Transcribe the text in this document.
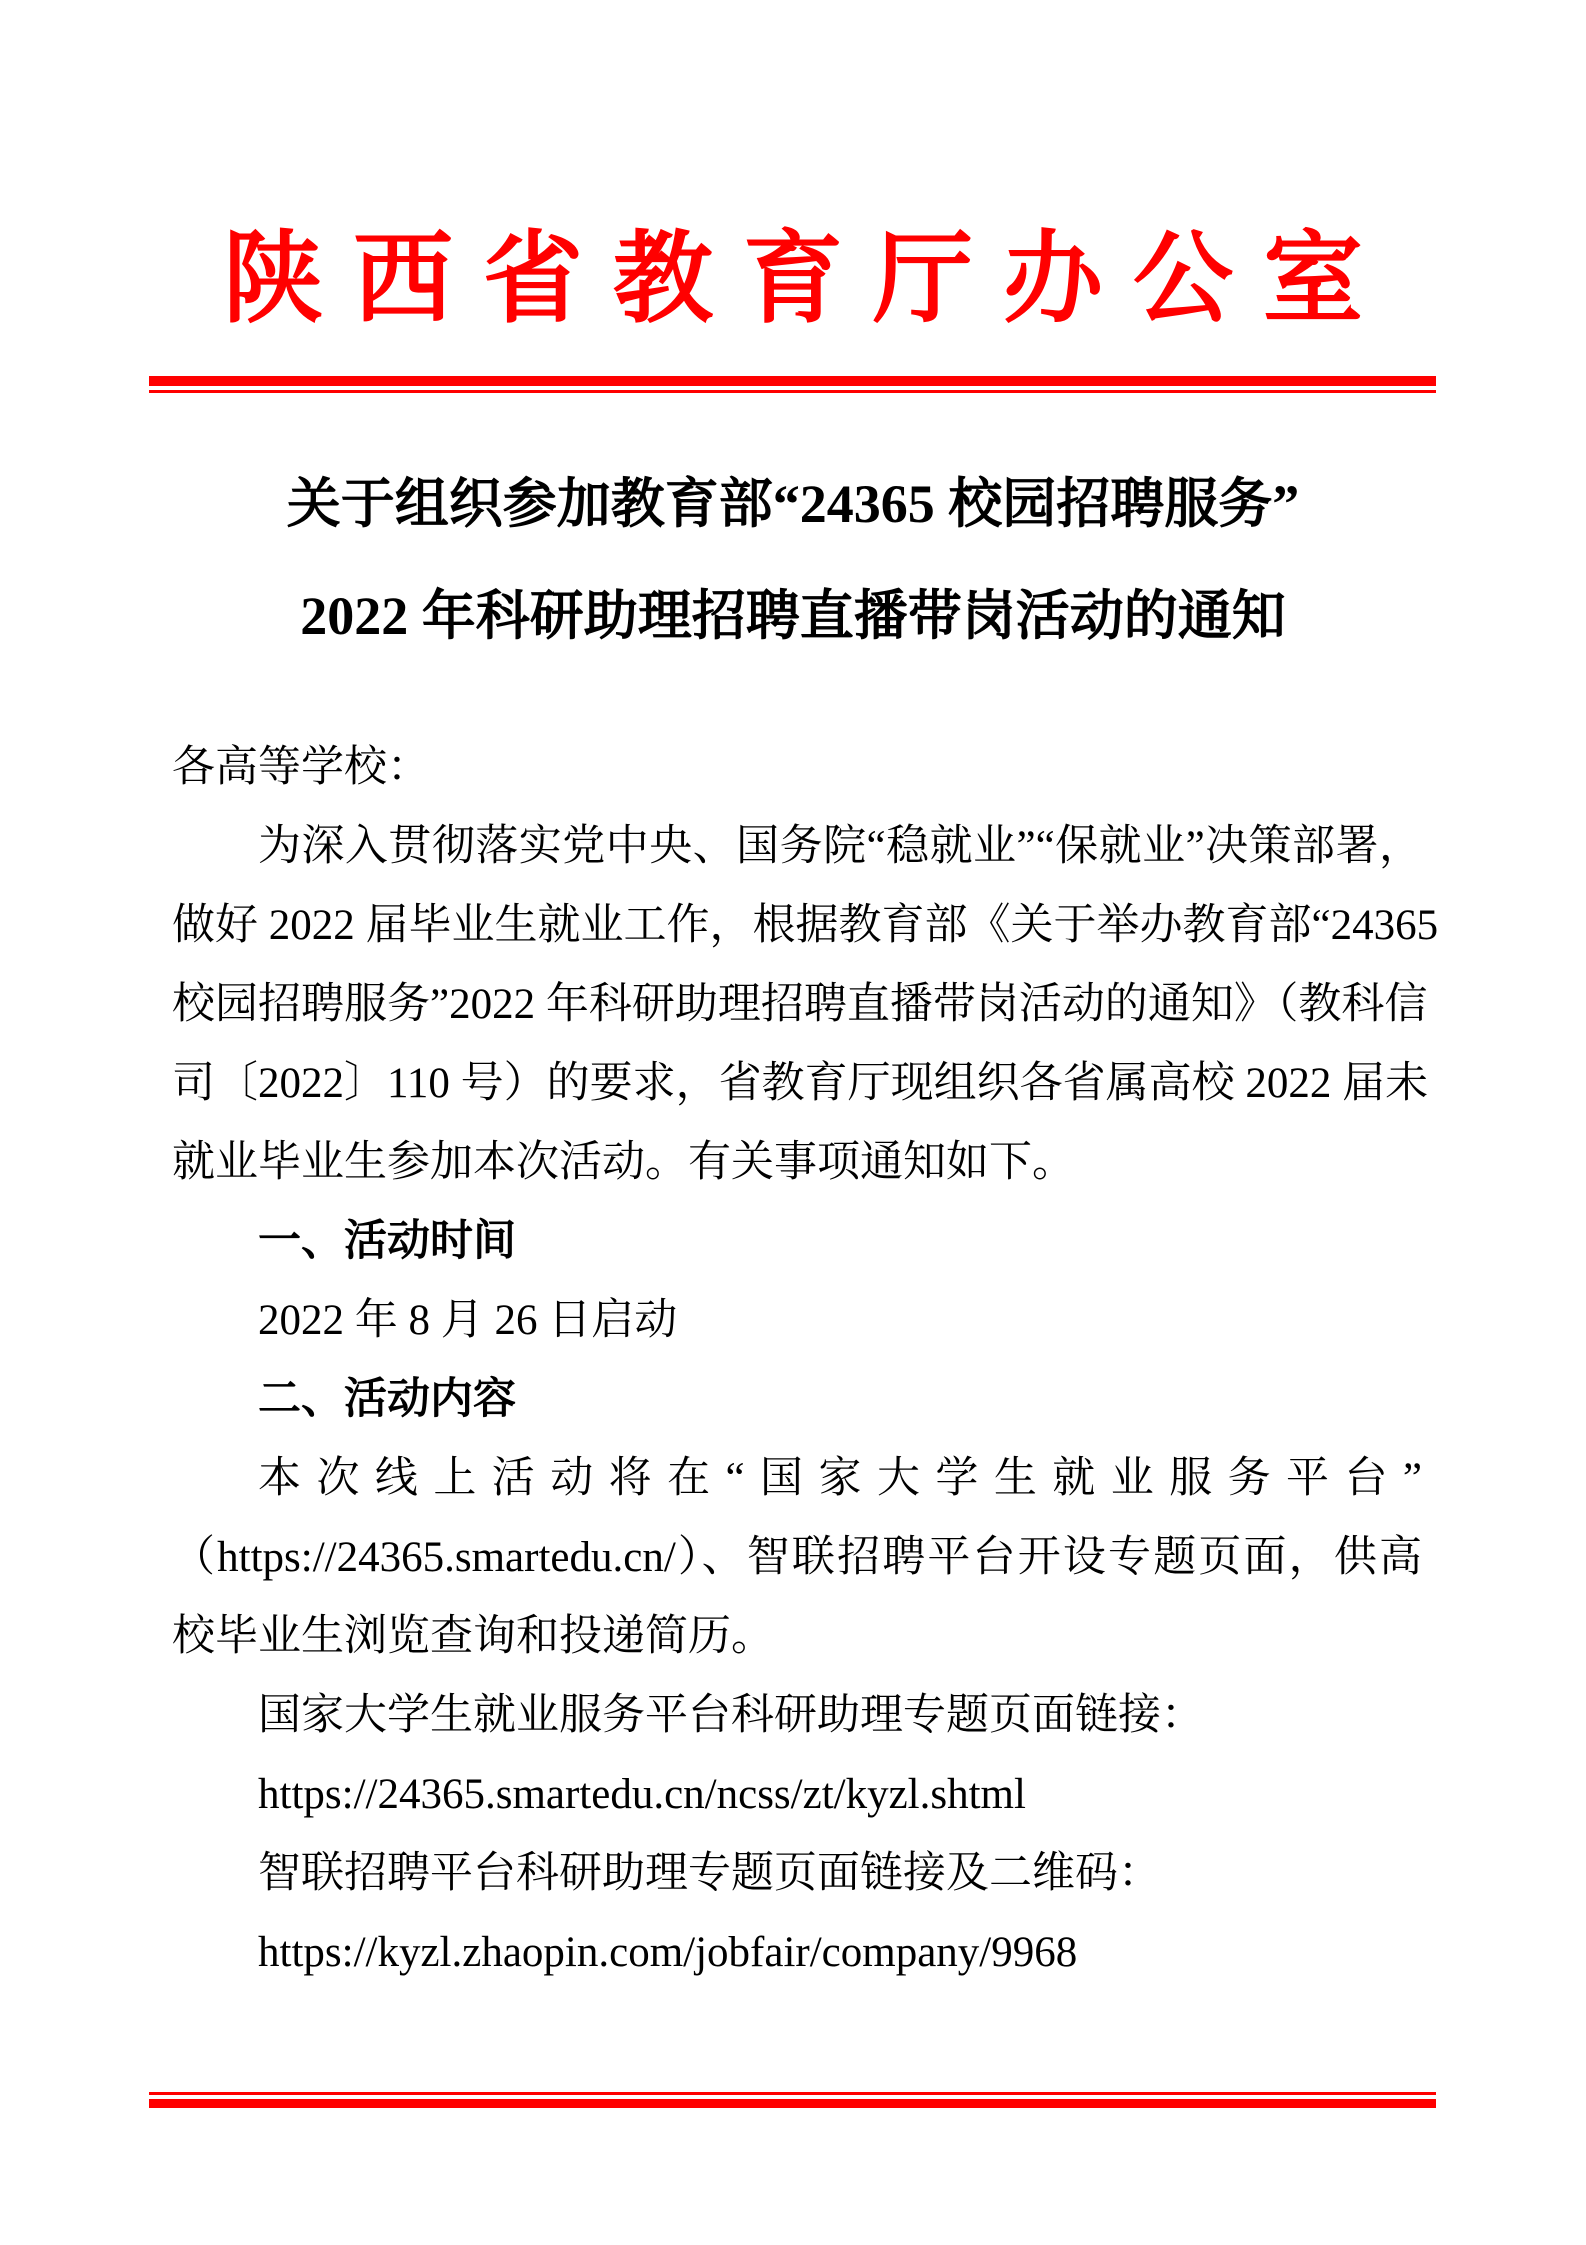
陕西省教育厅办公室
关于组织参加教育部“24365 校园招聘服务”
2022 年科研助理招聘直播带岗活动的通知
各高等学校：
为深入贯彻落实党中央、国务院“稳就业”“保就业”决策部署，
做好 2022 届毕业生就业工作，根据教育部《关于举办教育部“24365
校园招聘服务”2022 年科研助理招聘直播带岗活动的通知》（教科信
司〔2022〕110 号）的要求，省教育厅现组织各省属高校 2022 届未
就业毕业生参加本次活动。有关事项通知如下。
一、活动时间
2022 年 8 月 26 日启动
二、活动内容
本次线上活动将在“国家大学生就业服务平台”
（https://24365.smartedu.cn/）、智联招聘平台开设专题页面，供高
校毕业生浏览查询和投递简历。
国家大学生就业服务平台科研助理专题页面链接：
https://24365.smartedu.cn/ncss/zt/kyzl.shtml
智联招聘平台科研助理专题页面链接及二维码：
https://kyzl.zhaopin.com/jobfair/company/9968
